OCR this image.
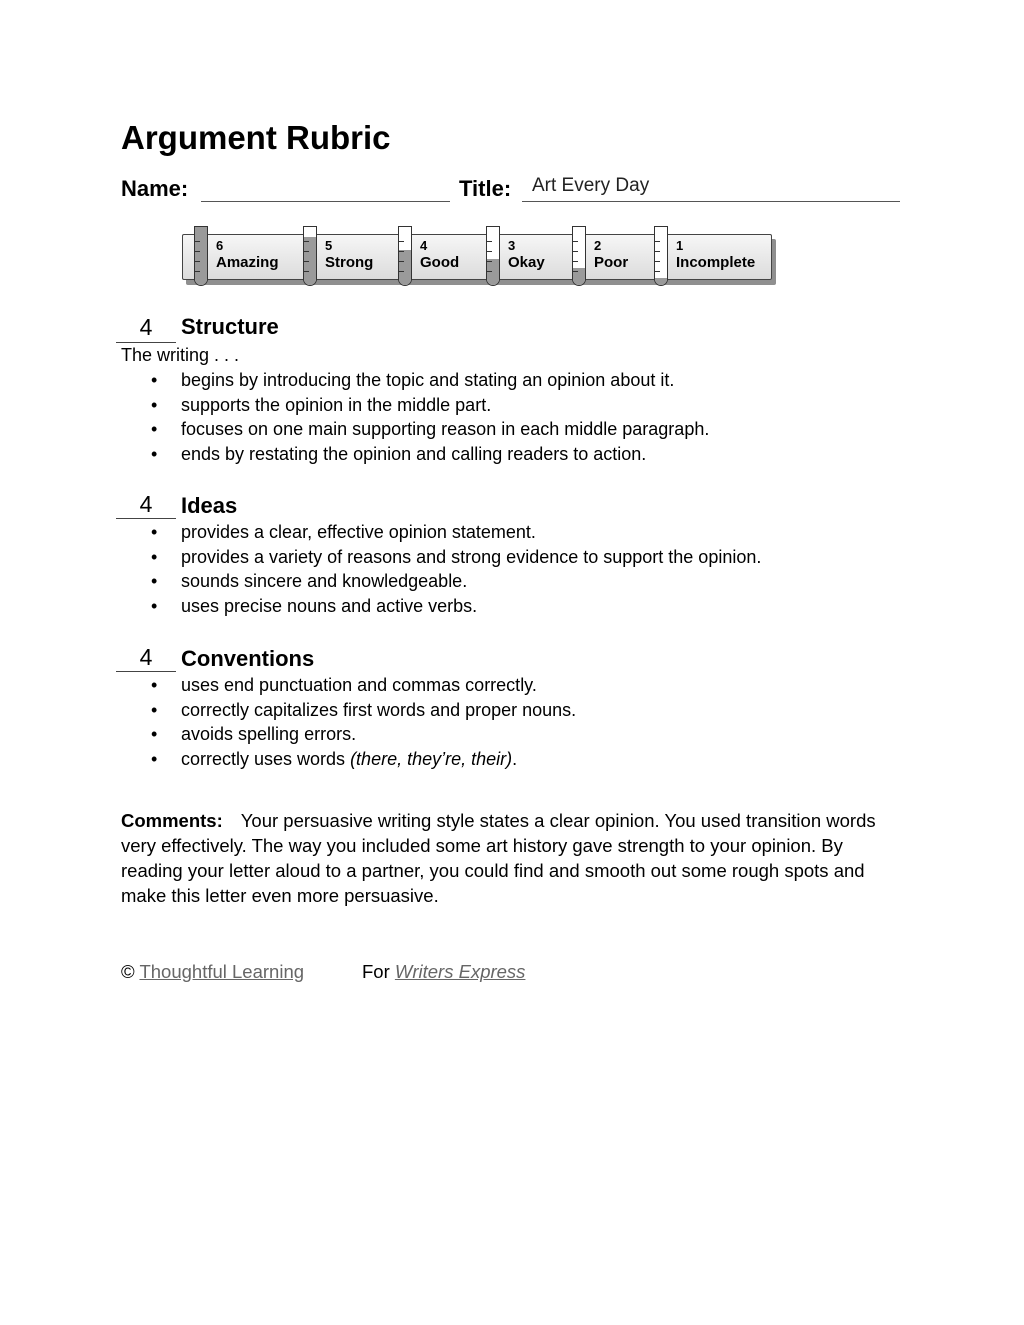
Argument Rubric
Name:	Title: Art Every Day
6
Amazing
5
Strong
4
Good
3
Okay
2
Poor
1
Incomplete
4	Structure
The writing . . .
• begins by introducing the topic and stating an opinion about it.
• supports the opinion in the middle part.
• focuses on one main supporting reason in each middle paragraph.
• ends by restating the opinion and calling readers to action.
4	Ideas
• provides a clear, effective opinion statement.
• provides a variety of reasons and strong evidence to support the opinion.
• sounds sincere and knowledgeable.
• uses precise nouns and active verbs.
4	Conventions
• uses end punctuation and commas correctly.
• correctly capitalizes first words and proper nouns.
• avoids spelling errors.
• correctly uses words (there, they’re, their).
Comments: Your persuasive writing style states a clear opinion. You used transition words very effectively. The way you included some art history gave strength to your opinion. By reading your letter aloud to a partner, you could find and smooth out some rough spots and make this letter even more persuasive.
© Thoughtful Learning	For Writers Express
